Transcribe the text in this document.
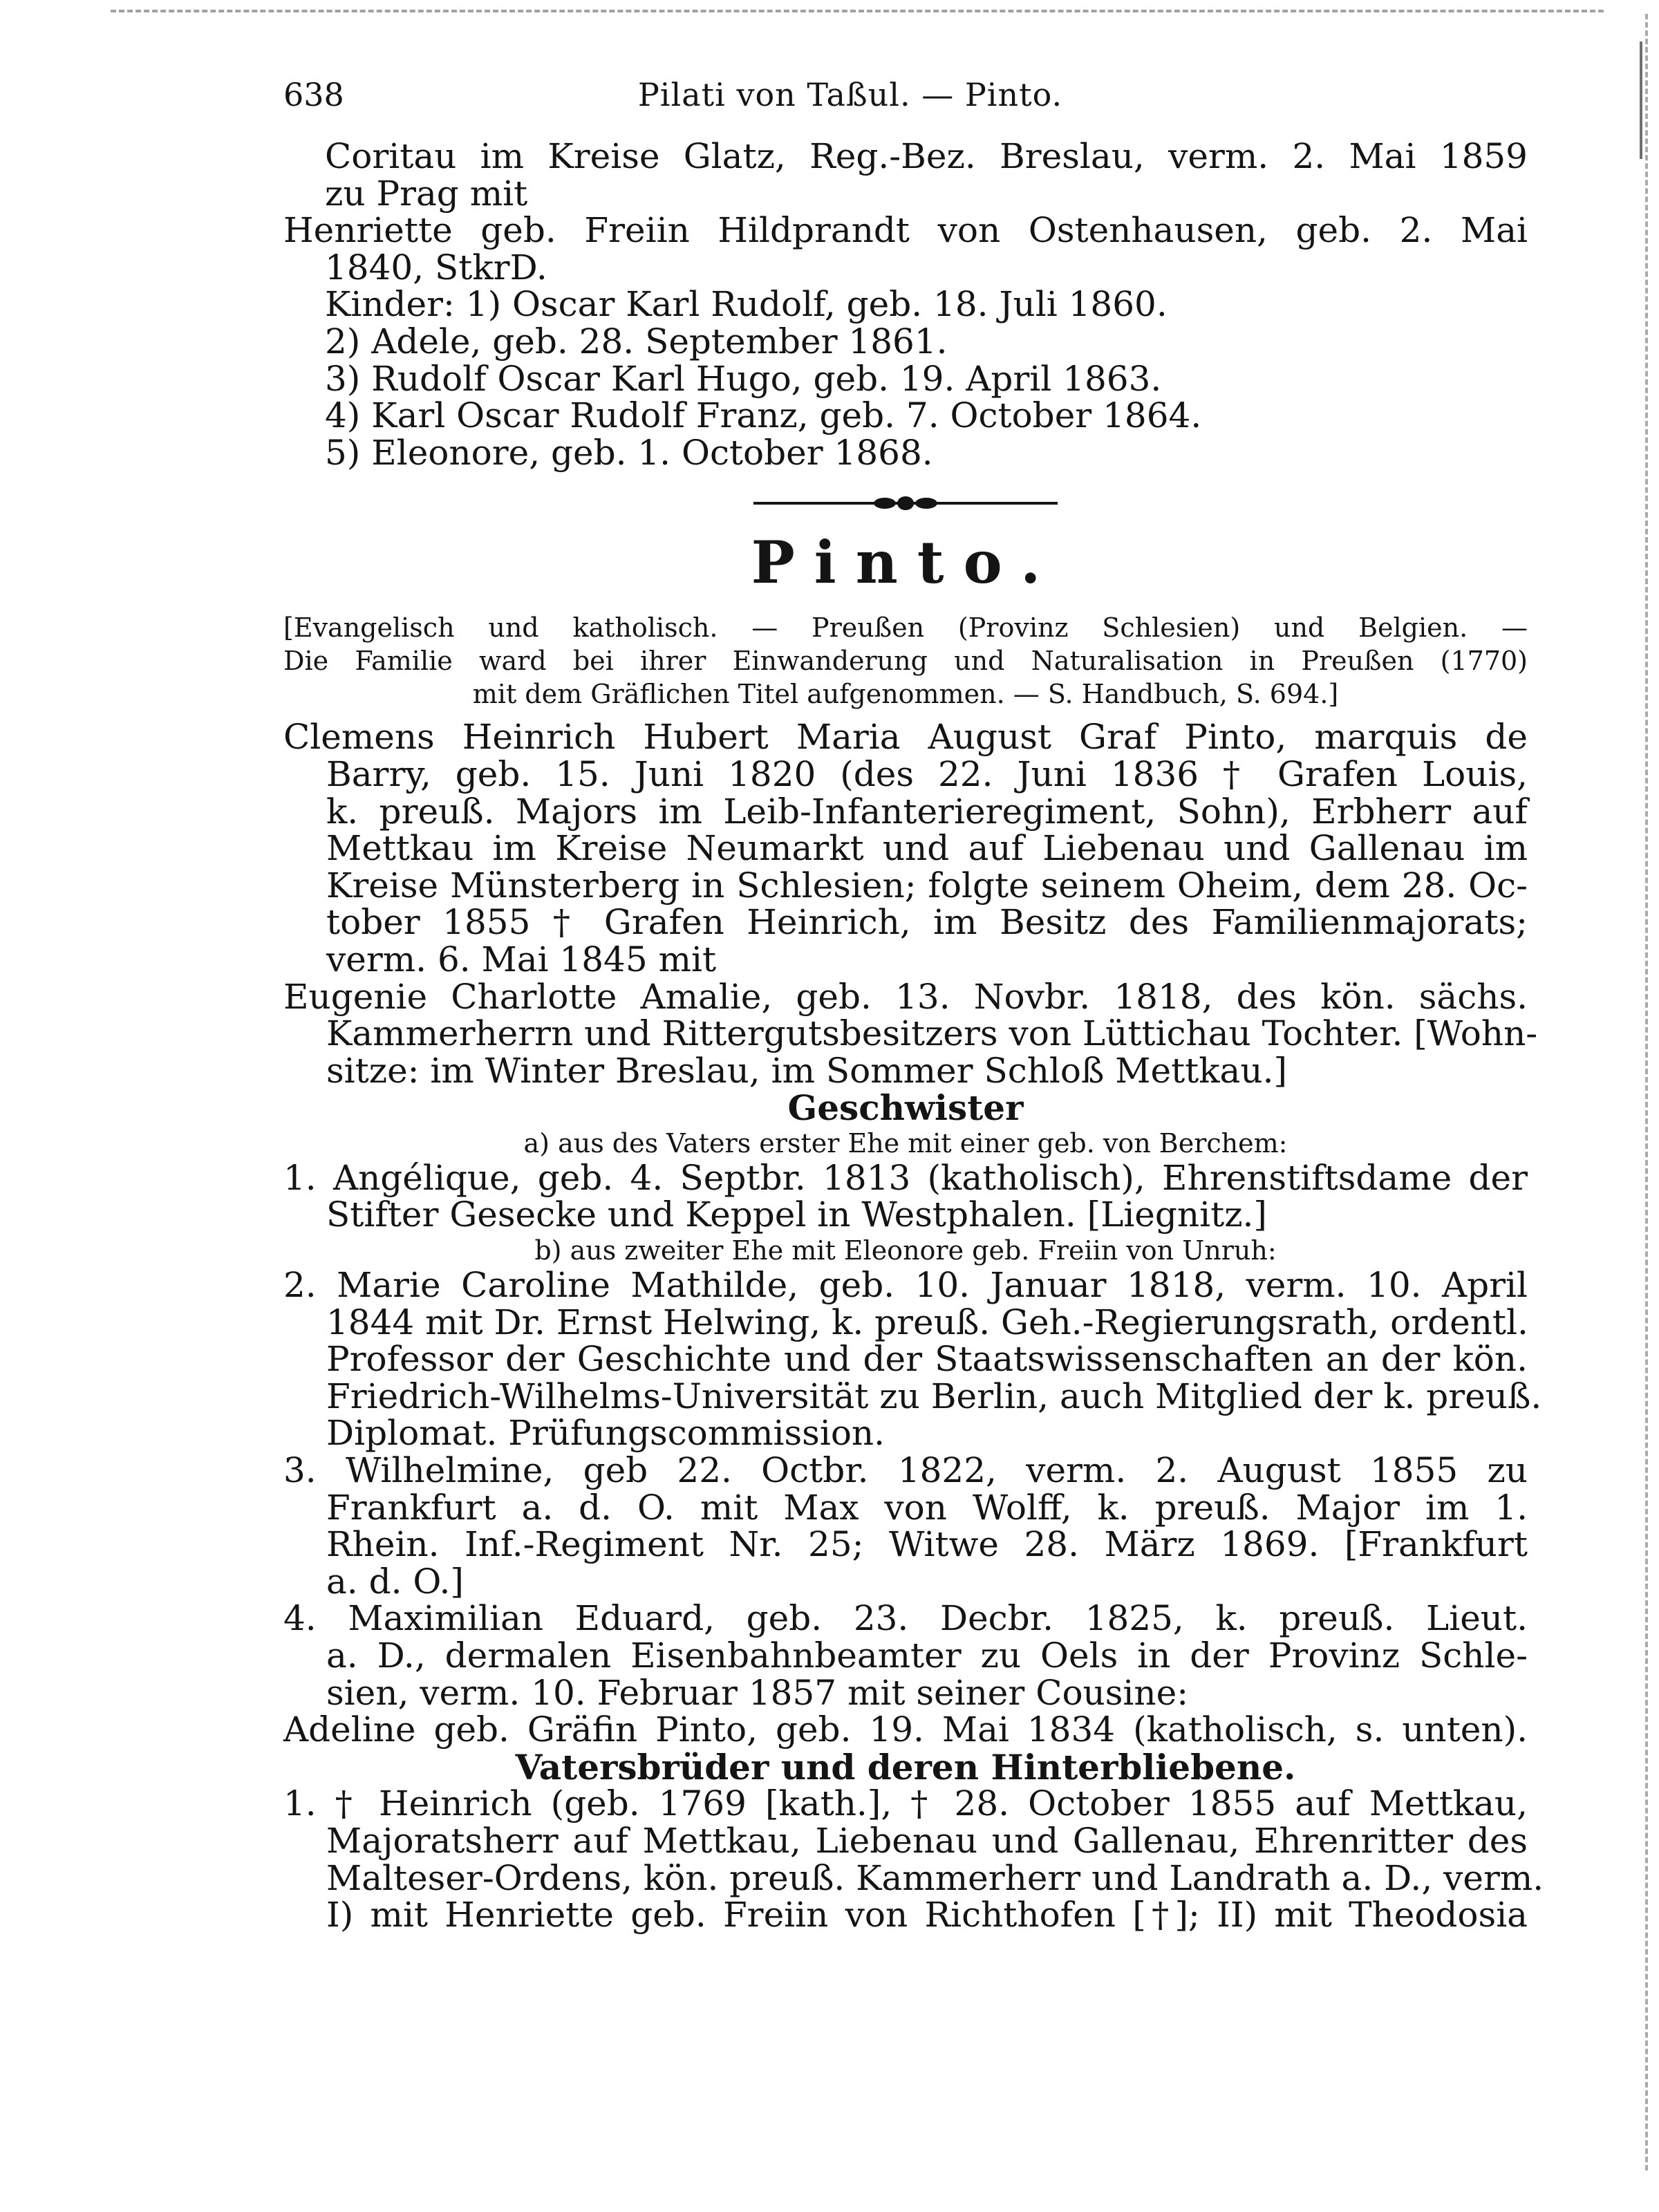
638	Pilati von Taßul. — Pinto.
Coritau im Kreise Glatz, Reg.-Bez. Breslau, verm. 2. Mai 1859
zu Prag mit
Henriette geb. Freiin Hildprandt von Ostenhausen, geb. 2. Mai
1840, StkrD.
Kinder: 1) Oscar Karl Rudolf, geb. 18. Juli 1860.
2) Adele, geb. 28. September 1861.
3) Rudolf Oscar Karl Hugo, geb. 19. April 1863.
4) Karl Oscar Rudolf Franz, geb. 7. October 1864.
5) Eleonore, geb. 1. October 1868.
Pinto.
[Evangelisch und katholisch. — Preußen (Provinz Schlesien) und Belgien. —
Die Familie ward bei ihrer Einwanderung und Naturalisation in Preußen (1770)
mit dem Gräflichen Titel aufgenommen. — S. Handbuch, S. 694.]
Clemens Heinrich Hubert Maria August Graf Pinto, marquis de
Barry, geb. 15. Juni 1820 (des 22. Juni 1836 † Grafen Louis,
k. preuß. Majors im Leib-Infanterieregiment, Sohn), Erbherr auf
Mettkau im Kreise Neumarkt und auf Liebenau und Gallenau im
Kreise Münsterberg in Schlesien; folgte seinem Oheim, dem 28. Oc-
tober 1855 † Grafen Heinrich, im Besitz des Familienmajorats;
verm. 6. Mai 1845 mit
Eugenie Charlotte Amalie, geb. 13. Novbr. 1818, des kön. sächs.
Kammerherrn und Rittergutsbesitzers von Lüttichau Tochter. [Wohn-
sitze: im Winter Breslau, im Sommer Schloß Mettkau.]
Geschwister
a) aus des Vaters erster Ehe mit einer geb. von Berchem:
1. Angélique, geb. 4. Septbr. 1813 (katholisch), Ehrenstiftsdame der
Stifter Gesecke und Keppel in Westphalen. [Liegnitz.]
b) aus zweiter Ehe mit Eleonore geb. Freiin von Unruh:
2. Marie Caroline Mathilde, geb. 10. Januar 1818, verm. 10. April
1844 mit Dr. Ernst Helwing, k. preuß. Geh.-Regierungsrath, ordentl.
Professor der Geschichte und der Staatswissenschaften an der kön.
Friedrich-Wilhelms-Universität zu Berlin, auch Mitglied der k. preuß.
Diplomat. Prüfungscommission.
3. Wilhelmine, geb 22. Octbr. 1822, verm. 2. August 1855 zu
Frankfurt a. d. O. mit Max von Wolff, k. preuß. Major im 1.
Rhein. Inf.-Regiment Nr. 25; Witwe 28. März 1869. [Frankfurt
a. d. O.]
4. Maximilian Eduard, geb. 23. Decbr. 1825, k. preuß. Lieut.
a. D., dermalen Eisenbahnbeamter zu Oels in der Provinz Schle-
sien, verm. 10. Februar 1857 mit seiner Cousine:
Adeline geb. Gräfin Pinto, geb. 19. Mai 1834 (katholisch, s. unten).
Vatersbrüder und deren Hinterbliebene.
1. † Heinrich (geb. 1769 [kath.], † 28. October 1855 auf Mettkau,
Majoratsherr auf Mettkau, Liebenau und Gallenau, Ehrenritter des
Malteser-Ordens, kön. preuß. Kammerherr und Landrath a. D., verm.
I) mit Henriette geb. Freiin von Richthofen [†]; II) mit Theodosia
